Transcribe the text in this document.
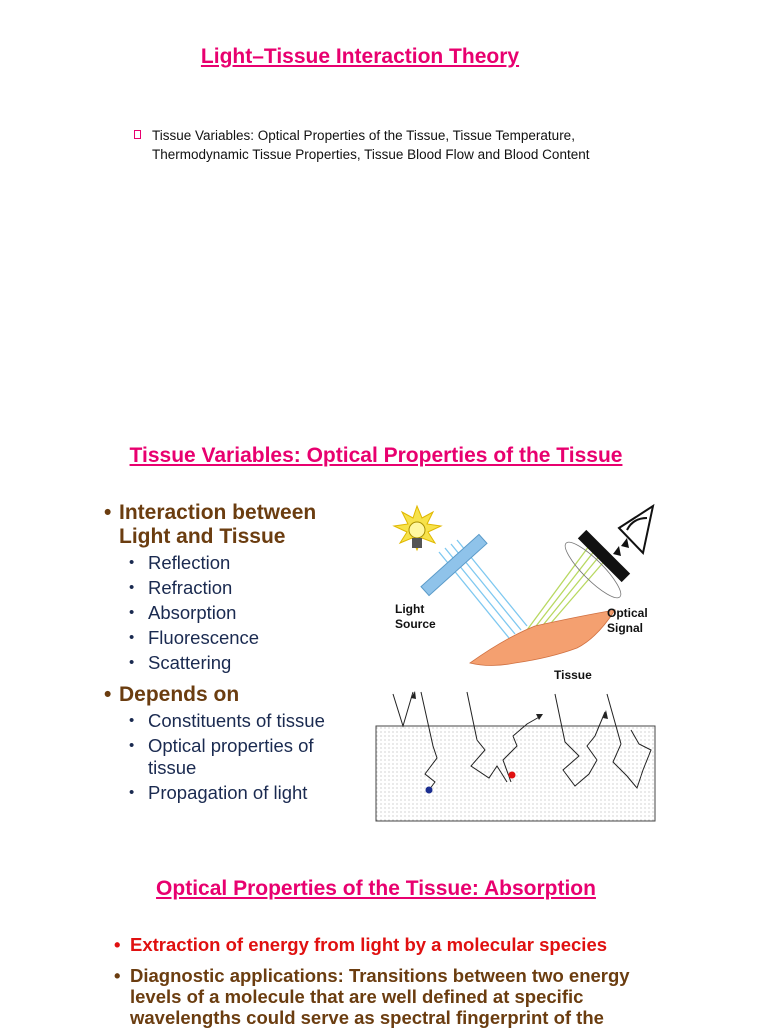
Light–Tissue Interaction Theory
Tissue Variables: Optical Properties of the Tissue, Tissue Temperature, Thermodynamic Tissue Properties, Tissue Blood Flow and Blood Content
Tissue Variables: Optical Properties of the Tissue
• Interaction between Light and Tissue
• Reflection
• Refraction
• Absorption
• Fluorescence
• Scattering
• Depends on
• Constituents of tissue
• Optical properties of tissue
• Propagation of light
Light Source
Optical Signal
Tissue
Optical Properties of the Tissue: Absorption
• Extraction of energy from light by a molecular species
• Diagnostic applications: Transitions between two energy levels of a molecule that are well defined at specific wavelengths could serve as spectral fingerprint of the
